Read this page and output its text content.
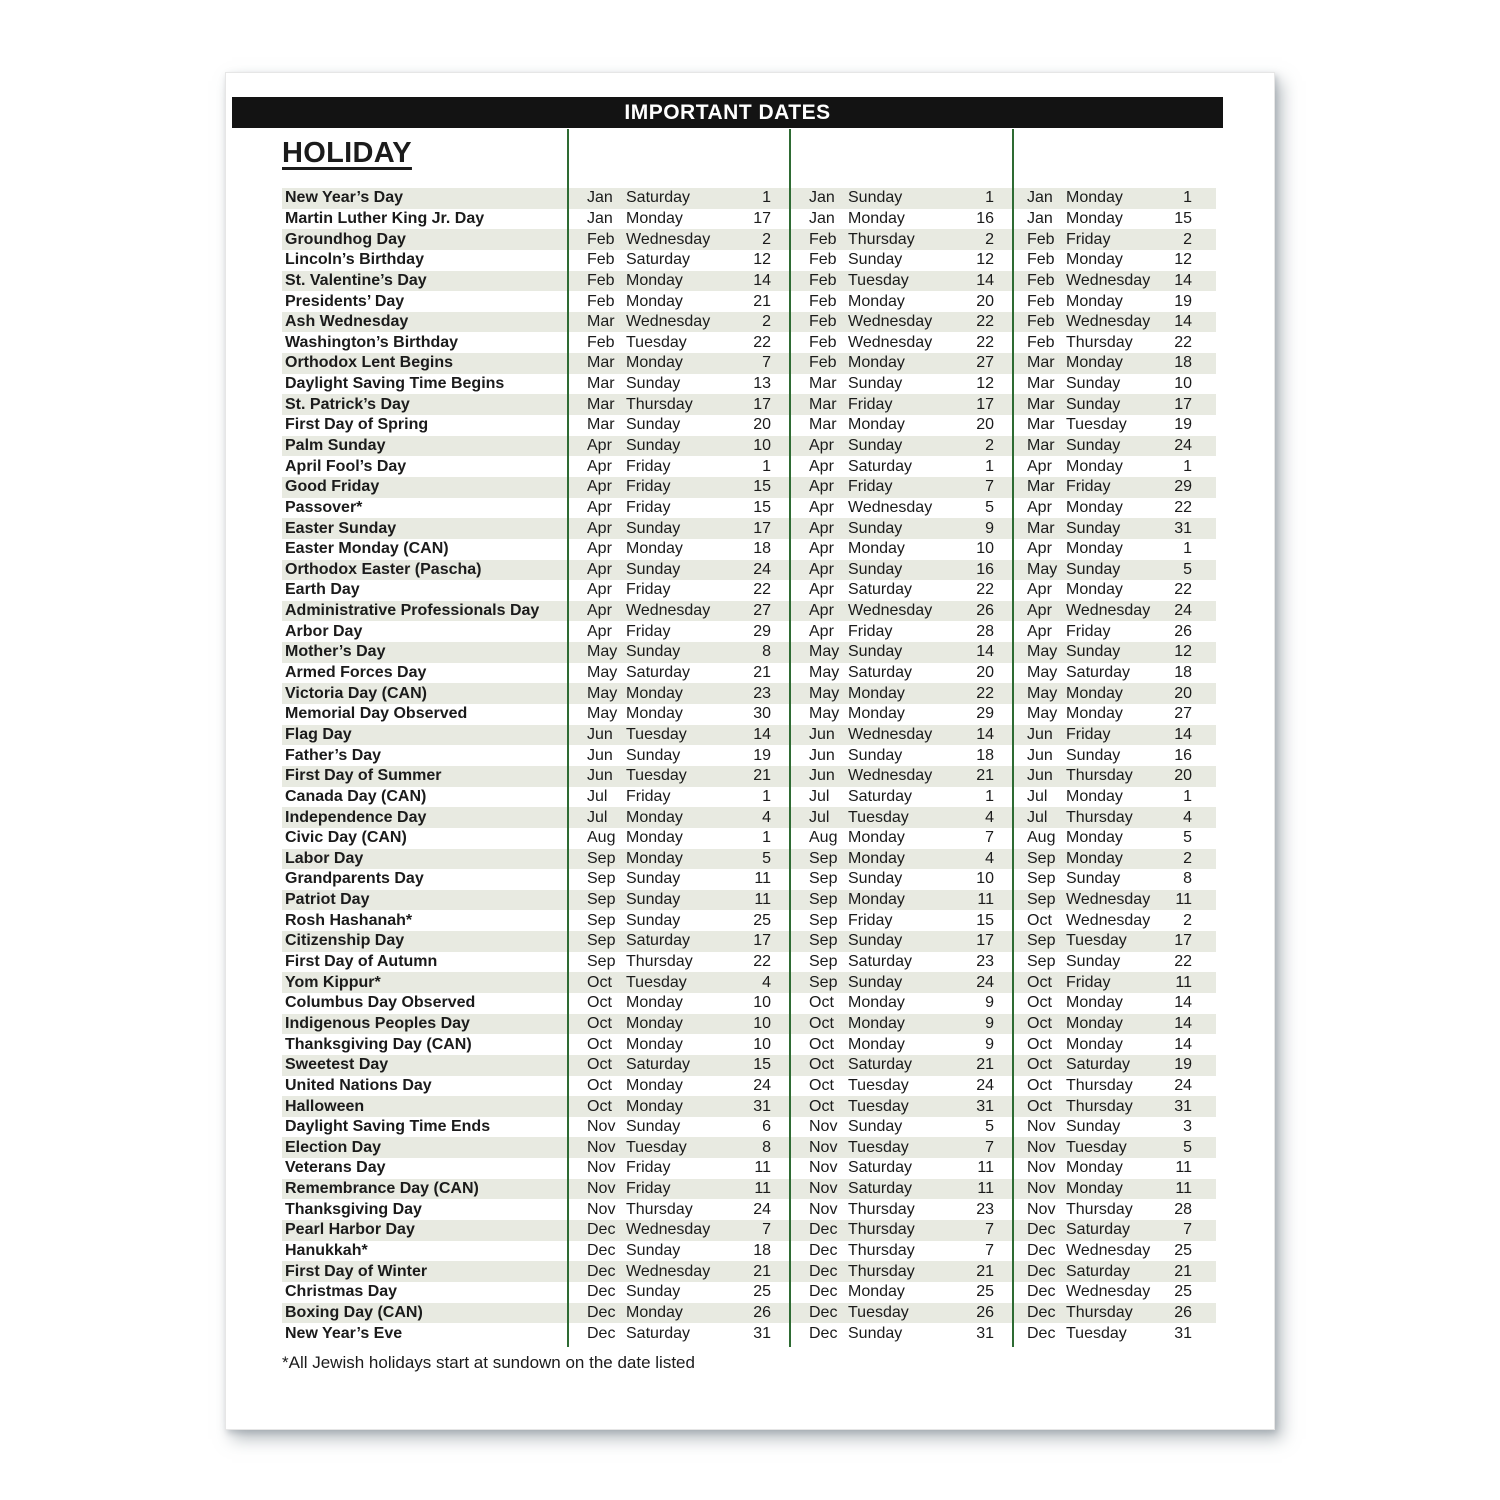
IMPORTANT DATES
HOLIDAY
New Year’s Day	Jan Saturday	1 Jan Sunday	1 Jan Monday	1
Martin Luther King Jr. Day	Jan Monday	17 Jan Monday	16 Jan Monday	15
Groundhog Day	Feb Wednesday	2 Feb Thursday	2 Feb Friday	2
Lincoln’s Birthday	Feb Saturday	12 Feb Sunday	12 Feb Monday	12
St. Valentine’s Day	Feb Monday	14 Feb Tuesday	14 Feb Wednesday	14
Presidents’ Day	Feb Monday	21 Feb Monday	20 Feb Monday	19
Ash Wednesday	Mar Wednesday	2 Feb Wednesday	22 Feb Wednesday	14
Washington’s Birthday	Feb Tuesday	22 Feb Wednesday	22 Feb Thursday	22
Orthodox Lent Begins	Mar Monday	7 Feb Monday	27 Mar Monday	18
Daylight Saving Time Begins	Mar Sunday	13 Mar Sunday	12 Mar Sunday	10
St. Patrick’s Day	Mar Thursday	17 Mar Friday	17 Mar Sunday	17
First Day of Spring	Mar Sunday	20 Mar Monday	20 Mar Tuesday	19
Palm Sunday	Apr Sunday	10 Apr Sunday	2 Mar Sunday	24
April Fool’s Day	Apr Friday	1 Apr Saturday	1 Apr Monday	1
Good Friday	Apr Friday	15 Apr Friday	7 Mar Friday	29
Passover*	Apr Friday	15 Apr Wednesday	5 Apr Monday	22
Easter Sunday	Apr Sunday	17 Apr Sunday	9 Mar Sunday	31
Easter Monday (CAN)	Apr Monday	18 Apr Monday	10 Apr Monday	1
Orthodox Easter (Pascha)	Apr Sunday	24 Apr Sunday	16 May Sunday	5
Earth Day	Apr Friday	22 Apr Saturday	22 Apr Monday	22
Administrative Professionals Day	Apr Wednesday	27 Apr Wednesday	26 Apr Wednesday	24
Arbor Day	Apr Friday	29 Apr Friday	28 Apr Friday	26
Mother’s Day	May Sunday	8 May Sunday	14 May Sunday	12
Armed Forces Day	May Saturday	21 May Saturday	20 May Saturday	18
Victoria Day (CAN)	May Monday	23 May Monday	22 May Monday	20
Memorial Day Observed	May Monday	30 May Monday	29 May Monday	27
Flag Day	Jun Tuesday	14 Jun Wednesday	14 Jun Friday	14
Father’s Day	Jun Sunday	19 Jun Sunday	18 Jun Sunday	16
First Day of Summer	Jun Tuesday	21 Jun Wednesday	21 Jun Thursday	20
Canada Day (CAN)	Jul	Friday	1 Jul	Saturday	1 Jul	Monday	1
Independence Day	Jul	Monday	4 Jul	Tuesday	4 Jul	Thursday	4
Civic Day (CAN)	Aug Monday	1 Aug Monday	7 Aug Monday	5
Labor Day	Sep Monday	5 Sep Monday	4 Sep Monday	2
Grandparents Day	Sep Sunday	11 Sep Sunday	10 Sep Sunday	8
Patriot Day	Sep Sunday	11 Sep Monday	11 Sep Wednesday	11
Rosh Hashanah*	Sep Sunday	25 Sep Friday	15 Oct Wednesday	2
Citizenship Day	Sep Saturday	17 Sep Sunday	17 Sep Tuesday	17
First Day of Autumn	Sep Thursday	22 Sep Saturday	23 Sep Sunday	22
Yom Kippur*	Oct Tuesday	4 Sep Sunday	24 Oct Friday	11
Columbus Day Observed	Oct Monday	10 Oct Monday	9 Oct Monday	14
Indigenous Peoples Day	Oct Monday	10 Oct Monday	9 Oct Monday	14
Thanksgiving Day (CAN)	Oct Monday	10 Oct Monday	9 Oct Monday	14
Sweetest Day	Oct Saturday	15 Oct Saturday	21 Oct Saturday	19
United Nations Day	Oct Monday	24 Oct Tuesday	24 Oct Thursday	24
Halloween	Oct Monday	31 Oct Tuesday	31 Oct Thursday	31
Daylight Saving Time Ends	Nov Sunday	6 Nov Sunday	5 Nov Sunday	3
Election Day	Nov Tuesday	8 Nov Tuesday	7 Nov Tuesday	5
Veterans Day	Nov Friday	11 Nov Saturday	11 Nov Monday	11
Remembrance Day (CAN)	Nov Friday	11 Nov Saturday	11 Nov Monday	11
Thanksgiving Day	Nov Thursday	24 Nov Thursday	23 Nov Thursday	28
Pearl Harbor Day	Dec Wednesday	7 Dec Thursday	7 Dec Saturday	7
Hanukkah*	Dec Sunday	18 Dec Thursday	7 Dec Wednesday	25
First Day of Winter	Dec Wednesday	21 Dec Thursday	21 Dec Saturday	21
Christmas Day	Dec Sunday	25 Dec Monday	25 Dec Wednesday	25
Boxing Day (CAN)	Dec Monday	26 Dec Tuesday	26 Dec Thursday	26
New Year’s Eve	Dec Saturday	31 Dec Sunday	31 Dec Tuesday	31
*All Jewish holidays start at sundown on the date listed
